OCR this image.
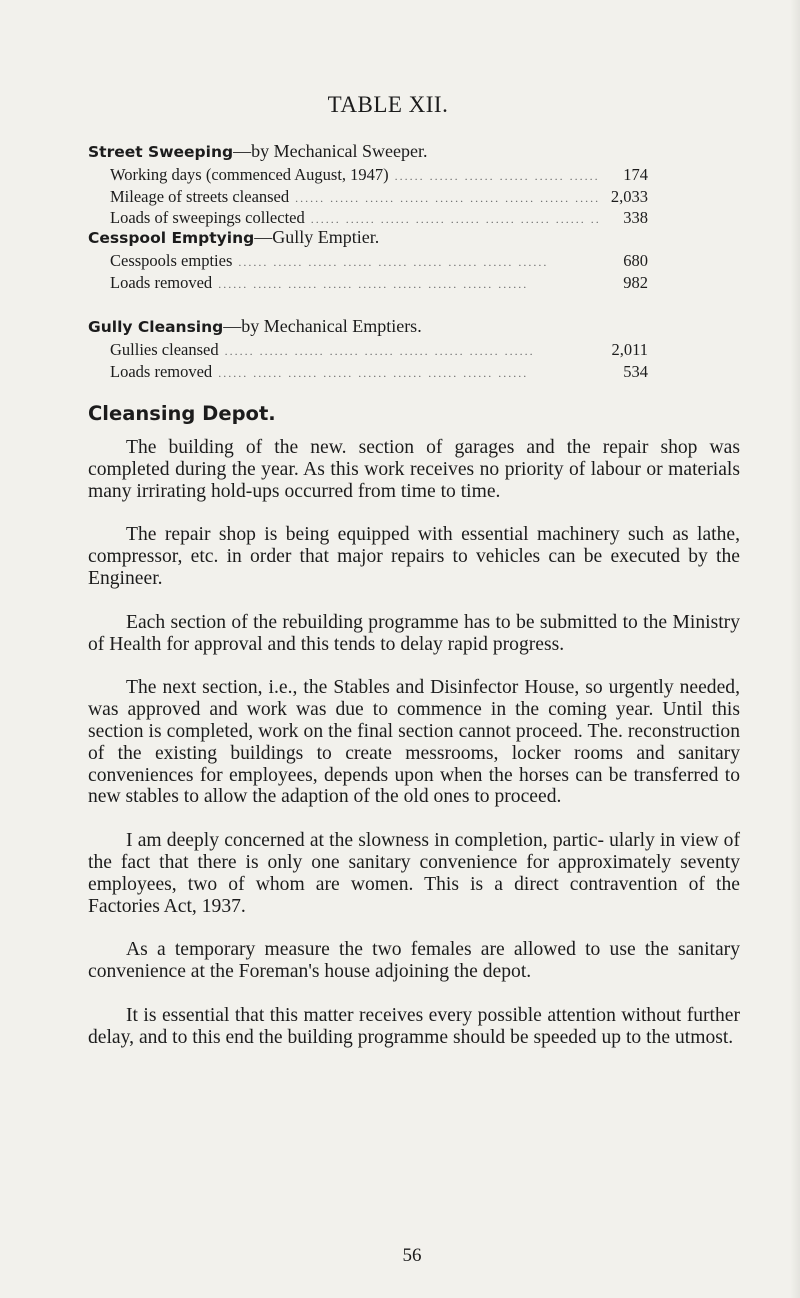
TABLE XII.
Street Sweeping—by Mechanical Sweeper.
Working days (commenced August, 1947) .....	174
Mileage of streets cleansed .....	2,033
Loads of sweepings collected .....	338
Cesspool Emptying—Gully Emptier.
Cesspools empties .....	680
Loads removed .....	982
Gully Cleansing—by Mechanical Emptiers.
Gullies cleansed .....	2,011
Loads removed .....	534
Cleansing Depot.

The building of the new. section of garages and the repair shop was completed during the year. As this work receives no priority of labour or materials many irrirating hold-ups occurred from time to time.

The repair shop is being equipped with essential machinery such as lathe, compressor, etc. in order that major repairs to vehicles can be executed by the Engineer.

Each section of the rebuilding programme has to be submitted to the Ministry of Health for approval and this tends to delay rapid progress.

The next section, i.e., the Stables and Disinfector House, so urgently needed, was approved and work was due to commence in the coming year. Until this section is completed, work on the final section cannot proceed. The. reconstruction of the existing buildings to create messrooms, locker rooms and sanitary conveniences for employees, depends upon when the horses can be transferred to new stables to allow the adaption of the old ones to proceed.

I am deeply concerned at the slowness in completion, partic- ularly in view of the fact that there is only one sanitary convenience for approximately seventy employees, two of whom are women. This is a direct contravention of the Factories Act, 1937.

As a temporary measure the two females are allowed to use the sanitary convenience at the Foreman's house adjoining the depot.

It is essential that this matter receives every possible attention without further delay, and to this end the building programme should be speeded up to the utmost.

56
